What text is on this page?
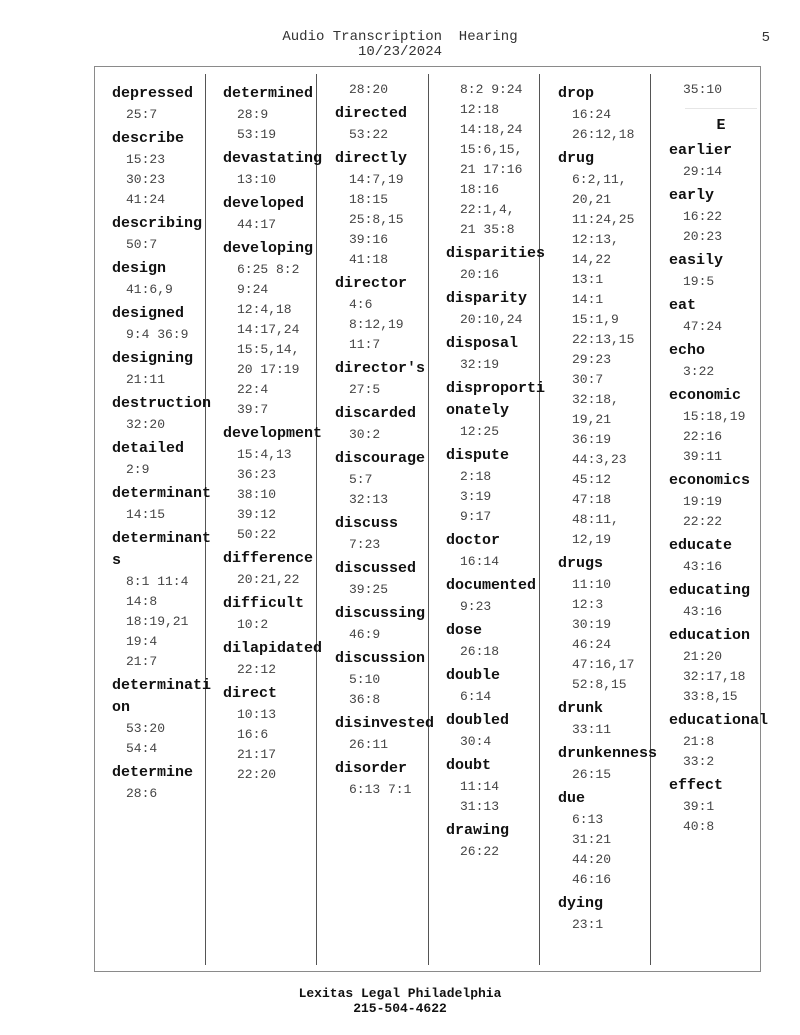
Audio Transcription  Hearing
10/23/2024
5
depressed
25:7
describe
15:23
30:23
41:24
describing
50:7
design
41:6,9
designed
9:4 36:9
designing
21:11
destruction
32:20
detailed
2:9
determinant
14:15
determinants
8:1 11:4
14:8
18:19,21
19:4
21:7
determination
53:20
54:4
determine
28:6
determined
28:9
53:19
devastating
13:10
developed
44:17
developing
6:25 8:2
9:24
12:4,18
14:17,24
15:5,14,
20 17:19
22:4
39:7
development
15:4,13
36:23
38:10
39:12
50:22
difference
20:21,22
difficult
10:2
dilapidated
22:12
direct
10:13
16:6
21:17
22:20
28:20
directed
53:22
directly
14:7,19
18:15
25:8,15
39:16
41:18
director
4:6
8:12,19
11:7
director's
27:5
discarded
30:2
discourage
5:7
32:13
discuss
7:23
discussed
39:25
discussing
46:9
discussion
5:10
36:8
disinvested
26:11
disorder
6:13 7:1
8:2 9:24
12:18
14:18,24
15:6,15,
21 17:16
18:16
22:1,4,
21 35:8
disparities
20:16
disparity
20:10,24
disposal
32:19
disproportionately
12:25
dispute
2:18
3:19
9:17
doctor
16:14
documented
9:23
dose
26:18
double
6:14
doubled
30:4
doubt
11:14
31:13
drawing
26:22
drop
16:24
26:12,18
drug
6:2,11,
20,21
11:24,25
12:13,
14,22
13:1
14:1
15:1,9
22:13,15
29:23
30:7
32:18,
19,21
36:19
44:3,23
45:12
47:18
48:11,
12,19
drugs
11:10
12:3
30:19
46:24
47:16,17
52:8,15
drunk
33:11
drunkenness
26:15
due
6:13
31:21
44:20
46:16
dying
23:1
35:10
E
earlier
29:14
early
16:22
20:23
easily
19:5
eat
47:24
echo
3:22
economic
15:18,19
22:16
39:11
economics
19:19
22:22
educate
43:16
educating
43:16
education
21:20
32:17,18
33:8,15
educational
21:8
33:2
effect
39:1
40:8
Lexitas Legal Philadelphia
215-504-4622
